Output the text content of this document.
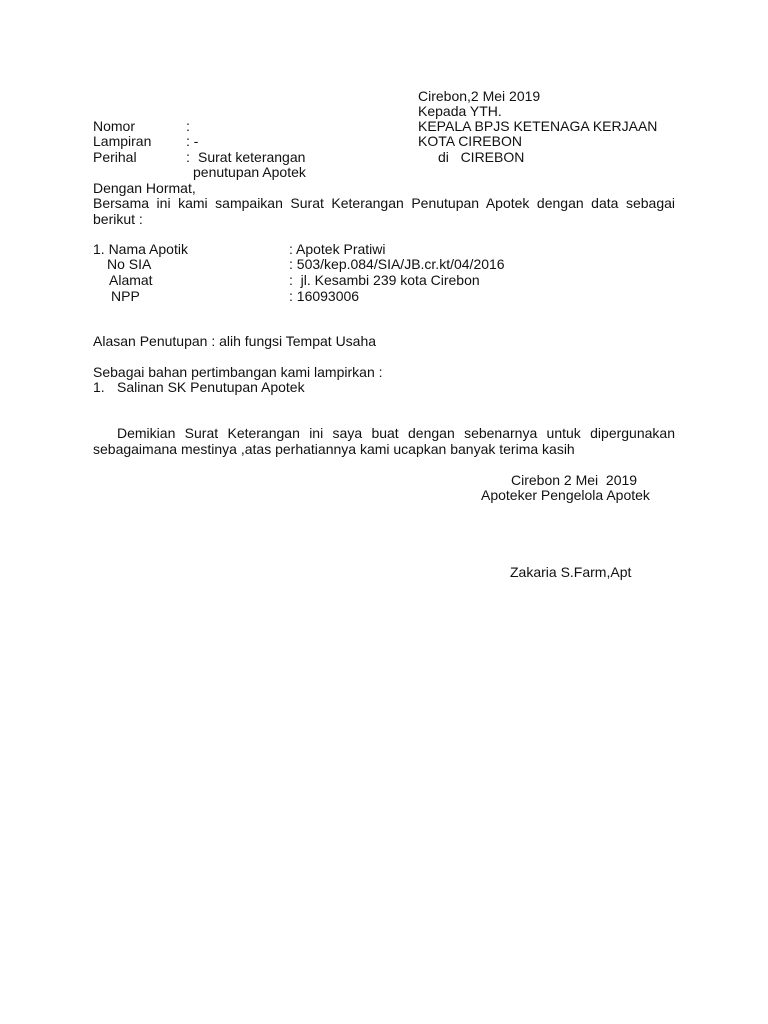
Cirebon,2 Mei 2019
Kepada YTH.
KEPALA BPJS KETENAGA KERJAAN
KOTA CIREBON
di   CIREBON
Nomor	:
Lampiran : -
Perihal	: Surat keterangan
penutupan Apotek
Dengan Hormat,
Bersama ini kami sampaikan Surat Keterangan Penutupan Apotek dengan data sebagai berikut :
1. Nama Apotik	: Apotek Pratiwi
No SIA	: 503/kep.084/SIA/JB.cr.kt/04/2016
Alamat	:  jl. Kesambi 239 kota Cirebon
NPP	: 16093006
Alasan Penutupan : alih fungsi Tempat Usaha
Sebagai bahan pertimbangan kami lampirkan :
1. Salinan SK Penutupan Apotek
Demikian Surat Keterangan ini saya buat dengan sebenarnya untuk dipergunakan sebagaimana mestinya ,atas perhatiannya kami ucapkan banyak terima kasih
Cirebon 2 Mei  2019
Apoteker Pengelola Apotek
Zakaria S.Farm,Apt
